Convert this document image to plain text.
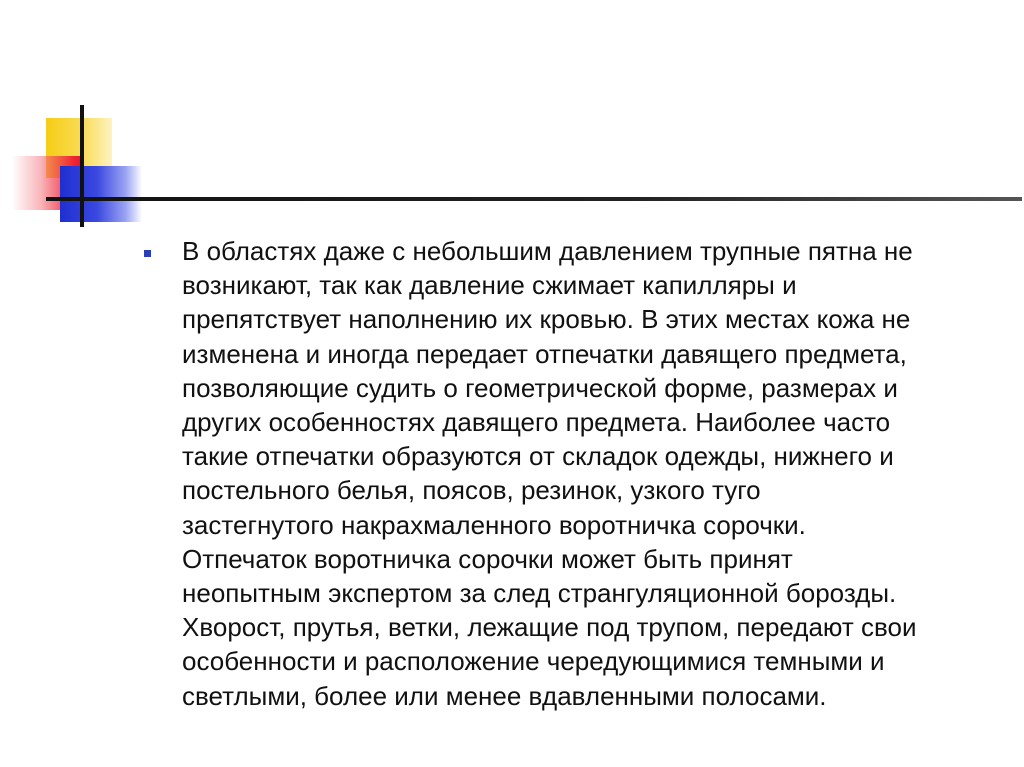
В областях даже с небольшим давлением трупные пятна не
возникают, так как давление сжимает капилляры и
препятствует наполнению их кровью. В этих местах кожа не
изменена и иногда передает отпечатки давящего предмета,
позволяющие судить о геометрической форме, размерах и
других особенностях давящего предмета. Наиболее часто
такие отпечатки образуются от складок одежды, нижнего и
постельного белья, поясов, резинок, узкого туго
застегнутого накрахмаленного воротничка сорочки.
Отпечаток воротничка сорочки может быть принят
неопытным экспертом за след странгуляционной борозды.
Хворост, прутья, ветки, лежащие под трупом, передают свои
особенности и расположение чередующимися темными и
светлыми, более или менее вдавленными полосами.
